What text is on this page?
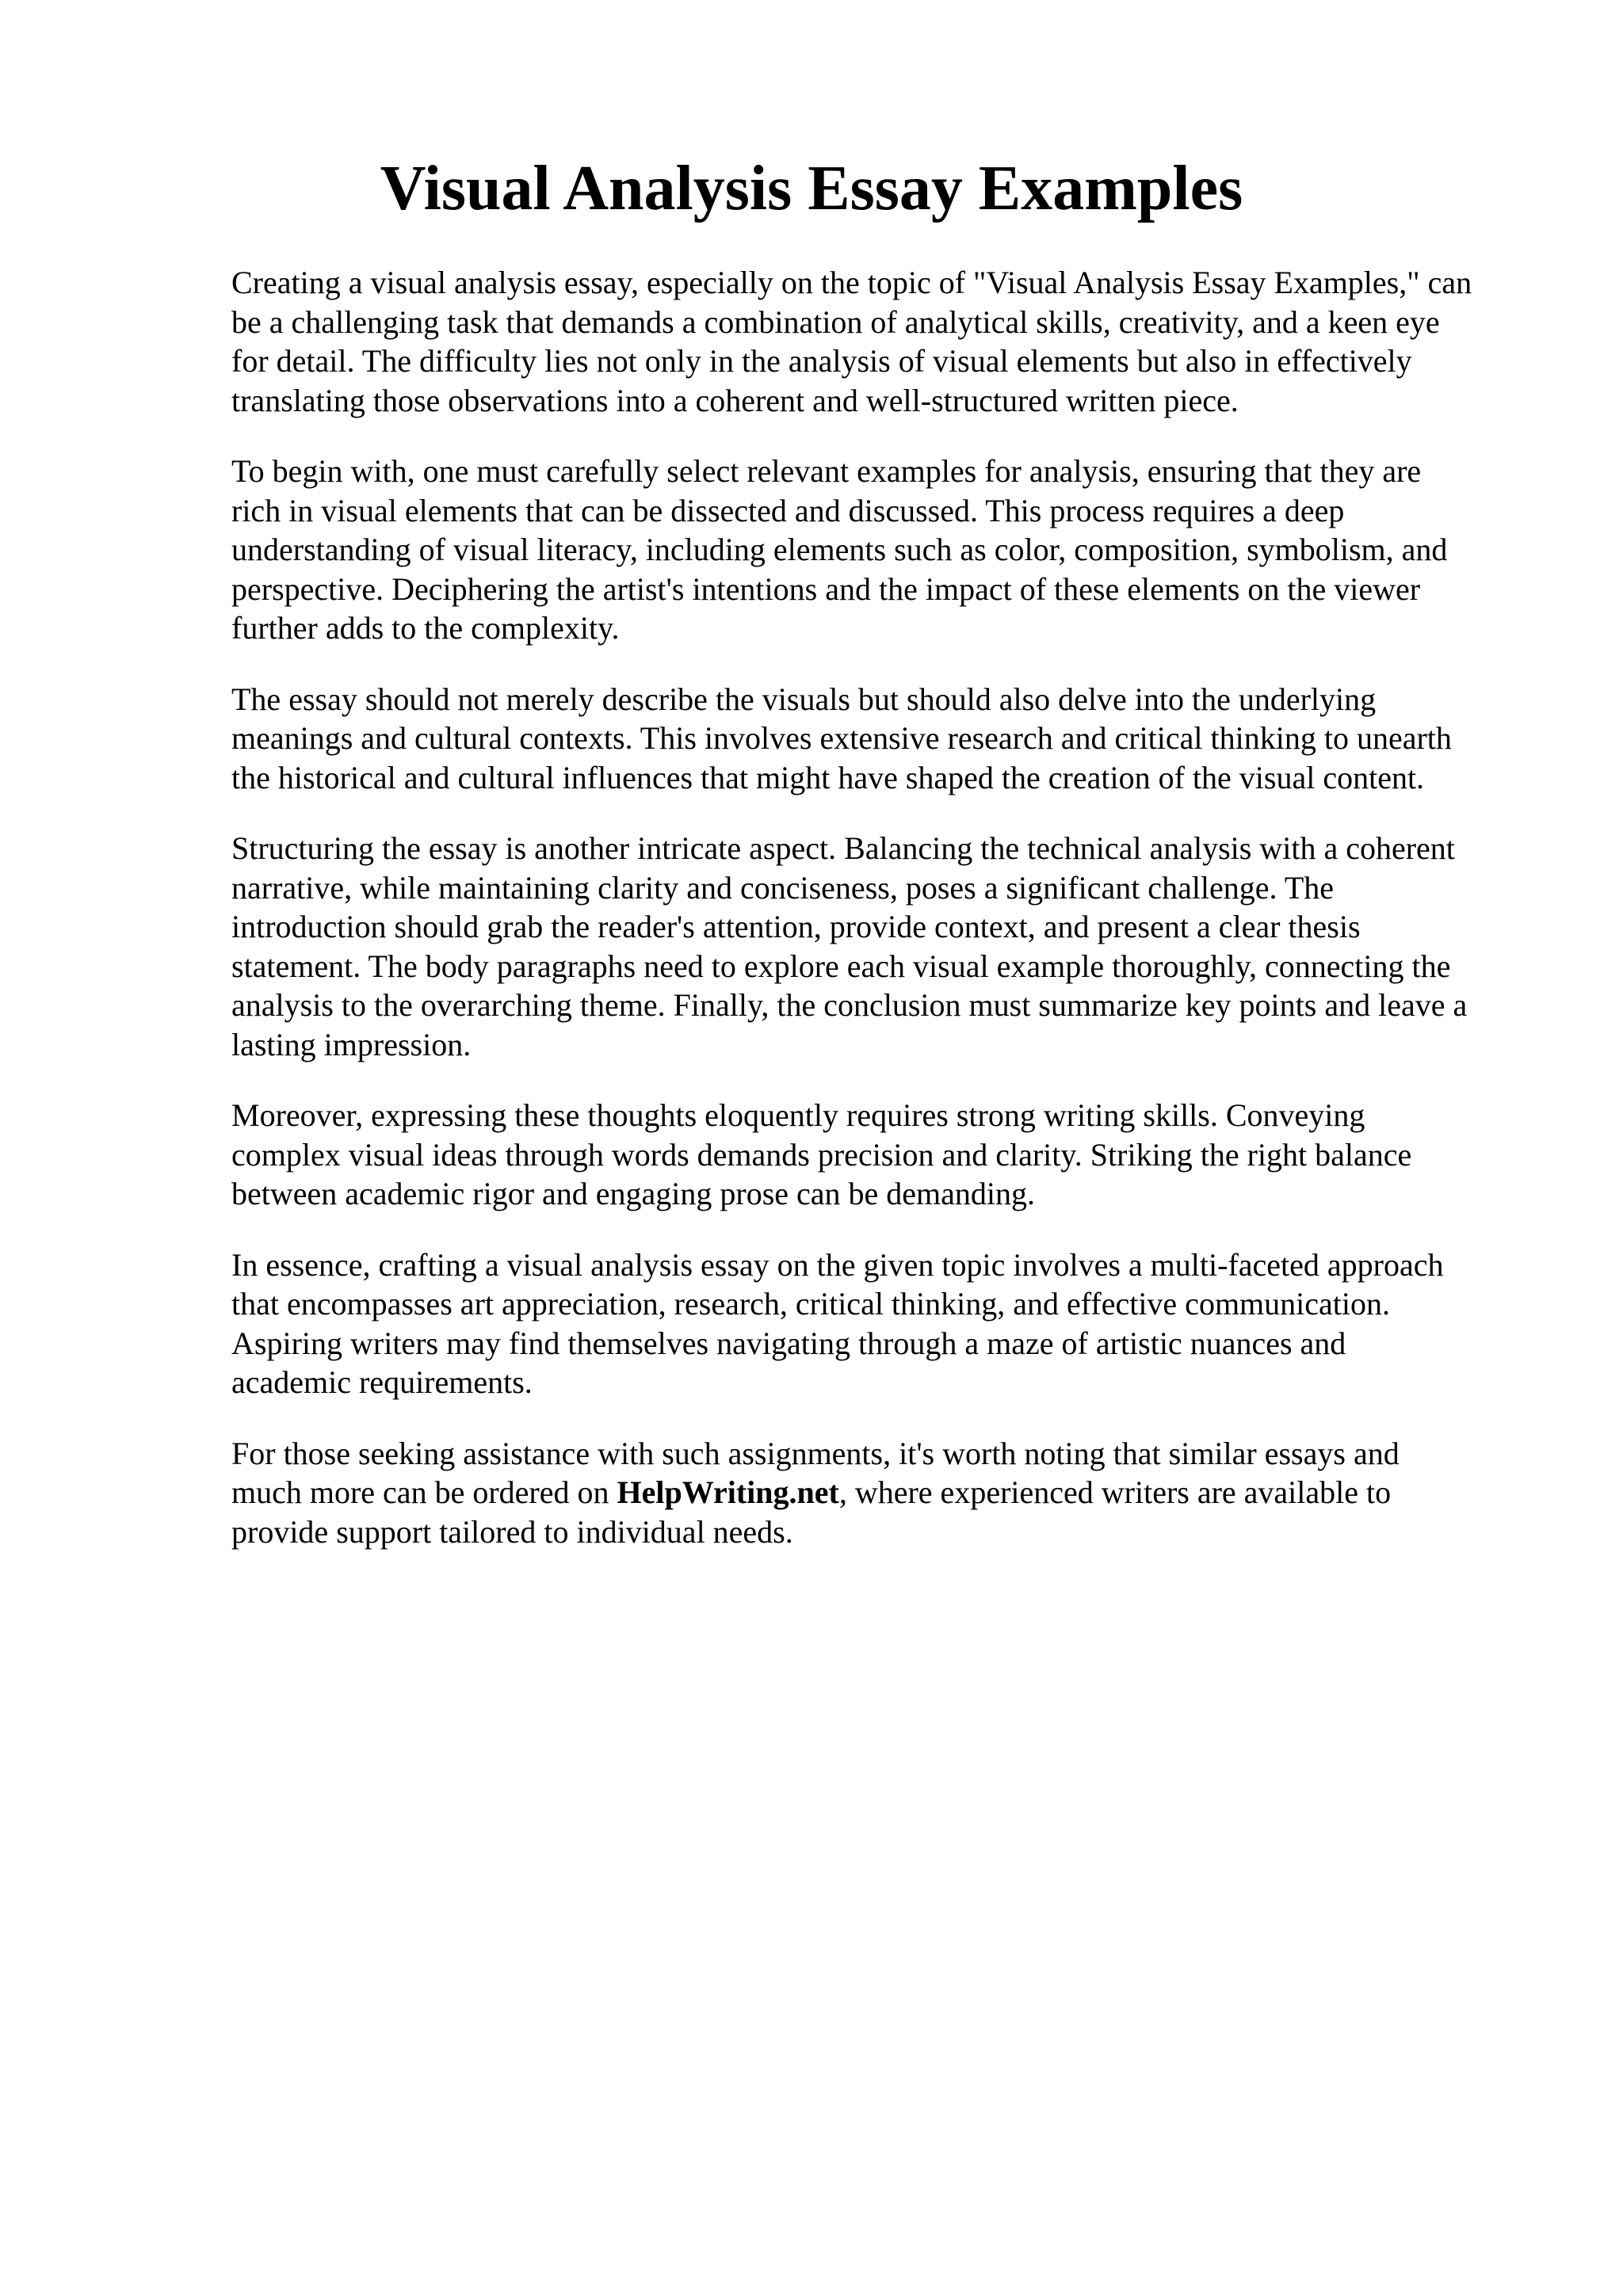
Visual Analysis Essay Examples

Creating a visual analysis essay, especially on the topic of "Visual Analysis Essay Examples," can
be a challenging task that demands a combination of analytical skills, creativity, and a keen eye
for detail. The difficulty lies not only in the analysis of visual elements but also in effectively
translating those observations into a coherent and well-structured written piece.

To begin with, one must carefully select relevant examples for analysis, ensuring that they are
rich in visual elements that can be dissected and discussed. This process requires a deep
understanding of visual literacy, including elements such as color, composition, symbolism, and
perspective. Deciphering the artist's intentions and the impact of these elements on the viewer
further adds to the complexity.

The essay should not merely describe the visuals but should also delve into the underlying
meanings and cultural contexts. This involves extensive research and critical thinking to unearth
the historical and cultural influences that might have shaped the creation of the visual content.

Structuring the essay is another intricate aspect. Balancing the technical analysis with a coherent
narrative, while maintaining clarity and conciseness, poses a significant challenge. The
introduction should grab the reader's attention, provide context, and present a clear thesis
statement. The body paragraphs need to explore each visual example thoroughly, connecting the
analysis to the overarching theme. Finally, the conclusion must summarize key points and leave a
lasting impression.

Moreover, expressing these thoughts eloquently requires strong writing skills. Conveying
complex visual ideas through words demands precision and clarity. Striking the right balance
between academic rigor and engaging prose can be demanding.

In essence, crafting a visual analysis essay on the given topic involves a multi-faceted approach
that encompasses art appreciation, research, critical thinking, and effective communication.
Aspiring writers may find themselves navigating through a maze of artistic nuances and
academic requirements.

For those seeking assistance with such assignments, it's worth noting that similar essays and
much more can be ordered on HelpWriting.net, where experienced writers are available to
provide support tailored to individual needs.
